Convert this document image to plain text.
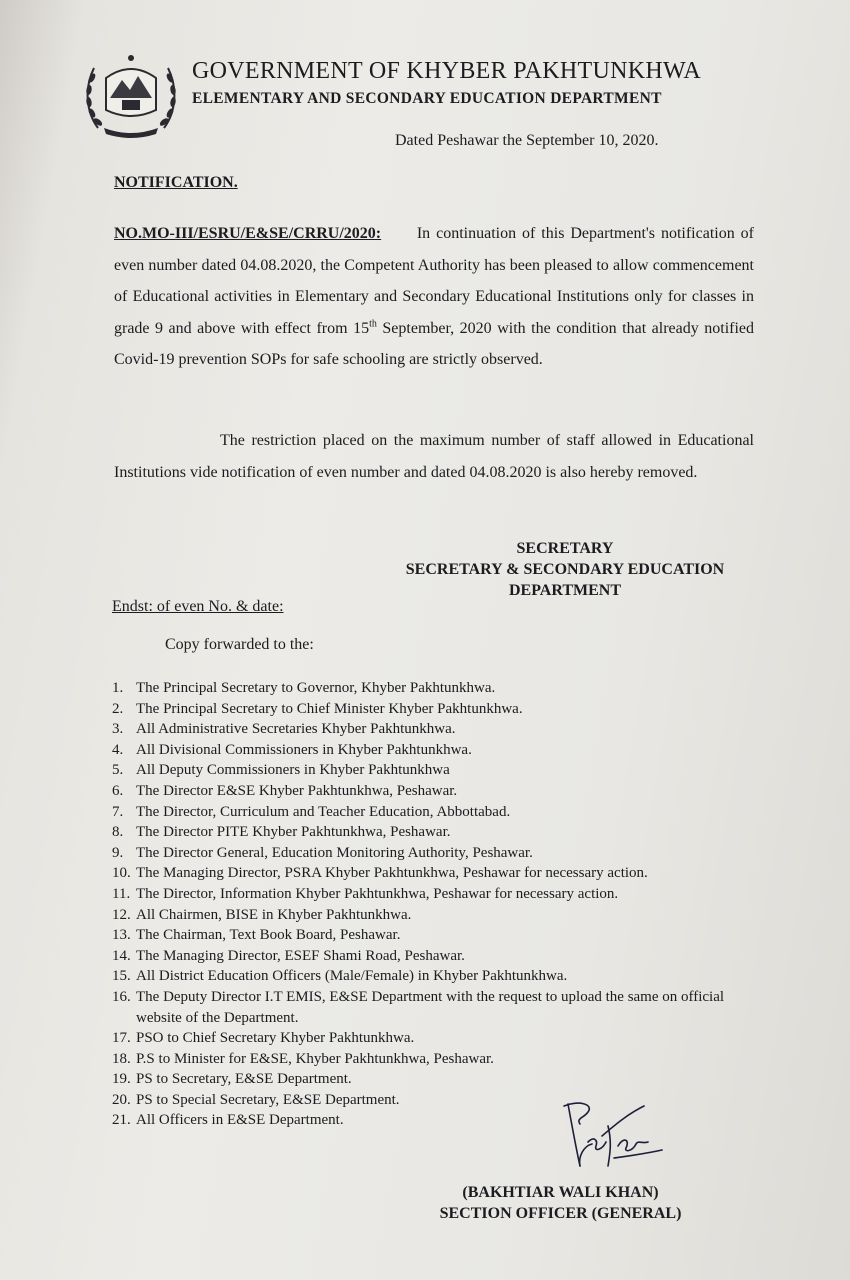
GOVERNMENT OF KHYBER PAKHTUNKHWA
ELEMENTARY AND SECONDARY EDUCATION DEPARTMENT
Dated Peshawar the September 10, 2020.
NOTIFICATION.
NO.MO-III/ESRU/E&SE/CRRU/2020: In continuation of this Department's notification of even number dated 04.08.2020, the Competent Authority has been pleased to allow commencement of Educational activities in Elementary and Secondary Educational Institutions only for classes in grade 9 and above with effect from 15th September, 2020 with the condition that already notified Covid-19 prevention SOPs for safe schooling are strictly observed.
The restriction placed on the maximum number of staff allowed in Educational Institutions vide notification of even number and dated 04.08.2020 is also hereby removed.
SECRETARY
SECRETARY & SECONDARY EDUCATION
DEPARTMENT
Endst: of even No. & date:
Copy forwarded to the:
1. The Principal Secretary to Governor, Khyber Pakhtunkhwa.
2. The Principal Secretary to Chief Minister Khyber Pakhtunkhwa.
3. All Administrative Secretaries Khyber Pakhtunkhwa.
4. All Divisional Commissioners in Khyber Pakhtunkhwa.
5. All Deputy Commissioners in Khyber Pakhtunkhwa
6. The Director E&SE Khyber Pakhtunkhwa, Peshawar.
7. The Director, Curriculum and Teacher Education, Abbottabad.
8. The Director PITE Khyber Pakhtunkhwa, Peshawar.
9. The Director General, Education Monitoring Authority, Peshawar.
10. The Managing Director, PSRA Khyber Pakhtunkhwa, Peshawar for necessary action.
11. The Director, Information Khyber Pakhtunkhwa, Peshawar for necessary action.
12. All Chairmen, BISE in Khyber Pakhtunkhwa.
13. The Chairman, Text Book Board, Peshawar.
14. The Managing Director, ESEF Shami Road, Peshawar.
15. All District Education Officers (Male/Female) in Khyber Pakhtunkhwa.
16. The Deputy Director I.T EMIS, E&SE Department with the request to upload the same on official website of the Department.
17. PSO to Chief Secretary Khyber Pakhtunkhwa.
18. P.S to Minister for E&SE, Khyber Pakhtunkhwa, Peshawar.
19. PS to Secretary, E&SE Department.
20. PS to Special Secretary, E&SE Department.
21. All Officers in E&SE Department.
(BAKHTIAR WALI KHAN)
SECTION OFFICER (GENERAL)
